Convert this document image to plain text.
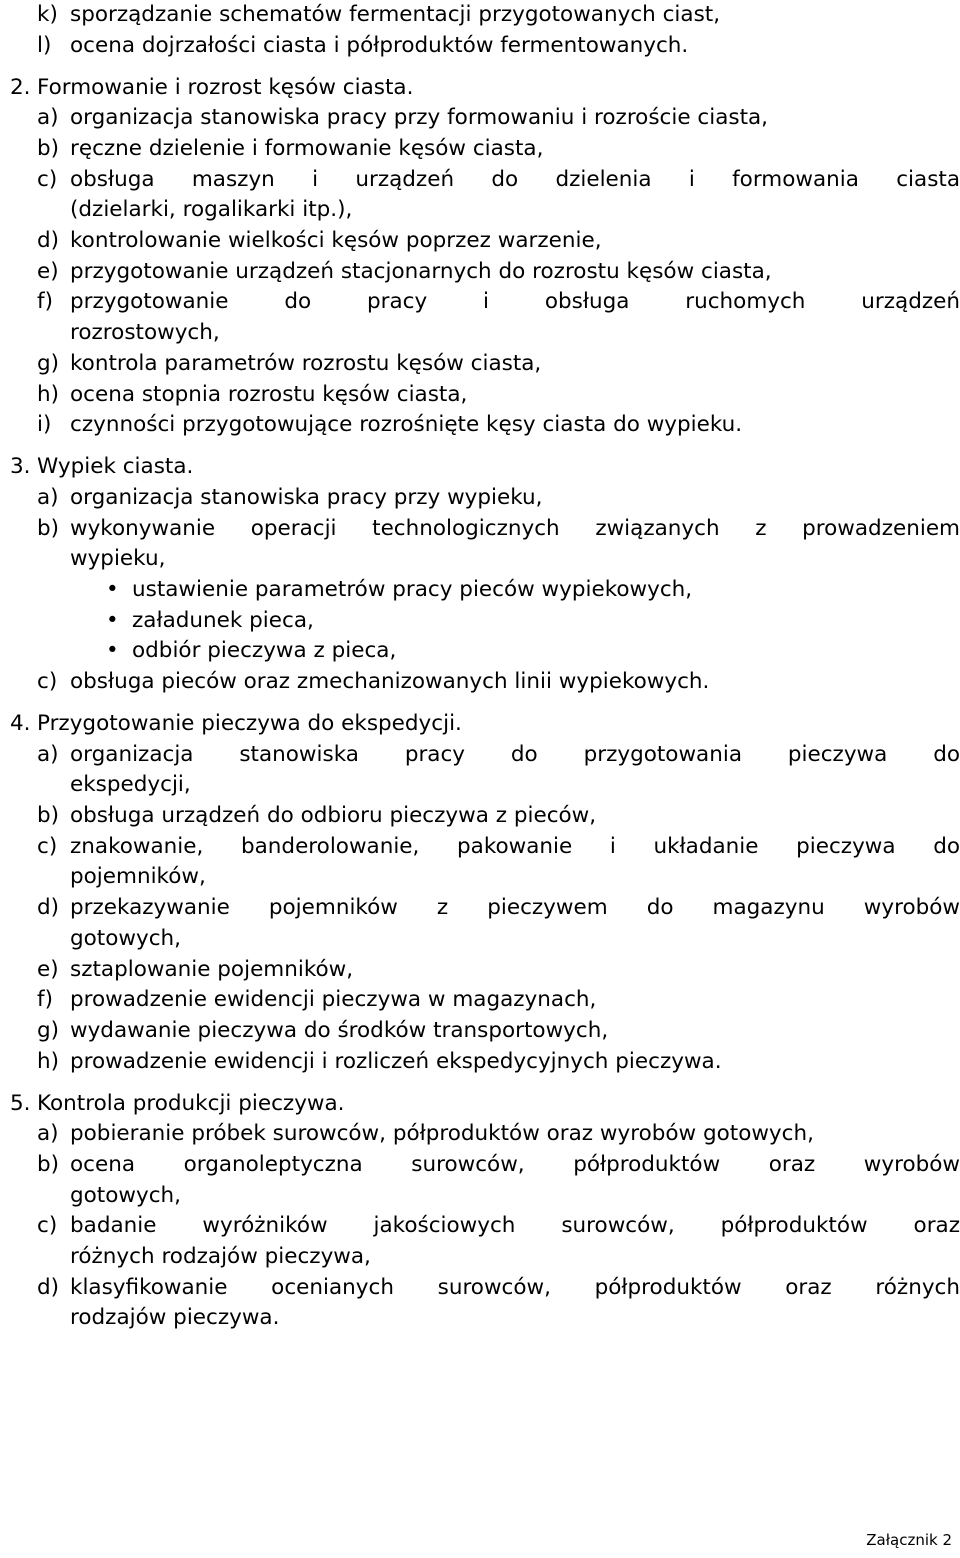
k) sporządzanie schematów fermentacji przygotowanych ciast,
l) ocena dojrzałości ciasta i półproduktów fermentowanych.
2. Formowanie i rozrost kęsów ciasta.
a) organizacja stanowiska pracy przy formowaniu i rozroście ciasta,
b) ręczne dzielenie i formowanie kęsów ciasta,
c) obsługa maszyn i urządzeń do dzielenia i formowania ciasta
(dzielarki, rogalikarki itp.),
d) kontrolowanie wielkości kęsów poprzez warzenie,
e) przygotowanie urządzeń stacjonarnych do rozrostu kęsów ciasta,
f) przygotowanie do pracy i obsługa ruchomych urządzeń
rozrostowych,
g) kontrola parametrów rozrostu kęsów ciasta,
h) ocena stopnia rozrostu kęsów ciasta,
i) czynności przygotowujące rozrośnięte kęsy ciasta do wypieku.
3. Wypiek ciasta.
a) organizacja stanowiska pracy przy wypieku,
b) wykonywanie operacji technologicznych związanych z prowadzeniem
wypieku,
• ustawienie parametrów pracy pieców wypiekowych,
• załadunek pieca,
• odbiór pieczywa z pieca,
c) obsługa pieców oraz zmechanizowanych linii wypiekowych.
4. Przygotowanie pieczywa do ekspedycji.
a) organizacja stanowiska pracy do przygotowania pieczywa do
ekspedycji,
b) obsługa urządzeń do odbioru pieczywa z pieców,
c) znakowanie, banderolowanie, pakowanie i układanie pieczywa do
pojemników,
d) przekazywanie pojemników z pieczywem do magazynu wyrobów
gotowych,
e) sztaplowanie pojemników,
f) prowadzenie ewidencji pieczywa w magazynach,
g) wydawanie pieczywa do środków transportowych,
h) prowadzenie ewidencji i rozliczeń ekspedycyjnych pieczywa.
5. Kontrola produkcji pieczywa.
a) pobieranie próbek surowców, półproduktów oraz wyrobów gotowych,
b) ocena organoleptyczna surowców, półproduktów oraz wyrobów
gotowych,
c) badanie wyróżników jakościowych surowców, półproduktów oraz
różnych rodzajów pieczywa,
d) klasyfikowanie ocenianych surowców, półproduktów oraz różnych
rodzajów pieczywa.
Załącznik 2
